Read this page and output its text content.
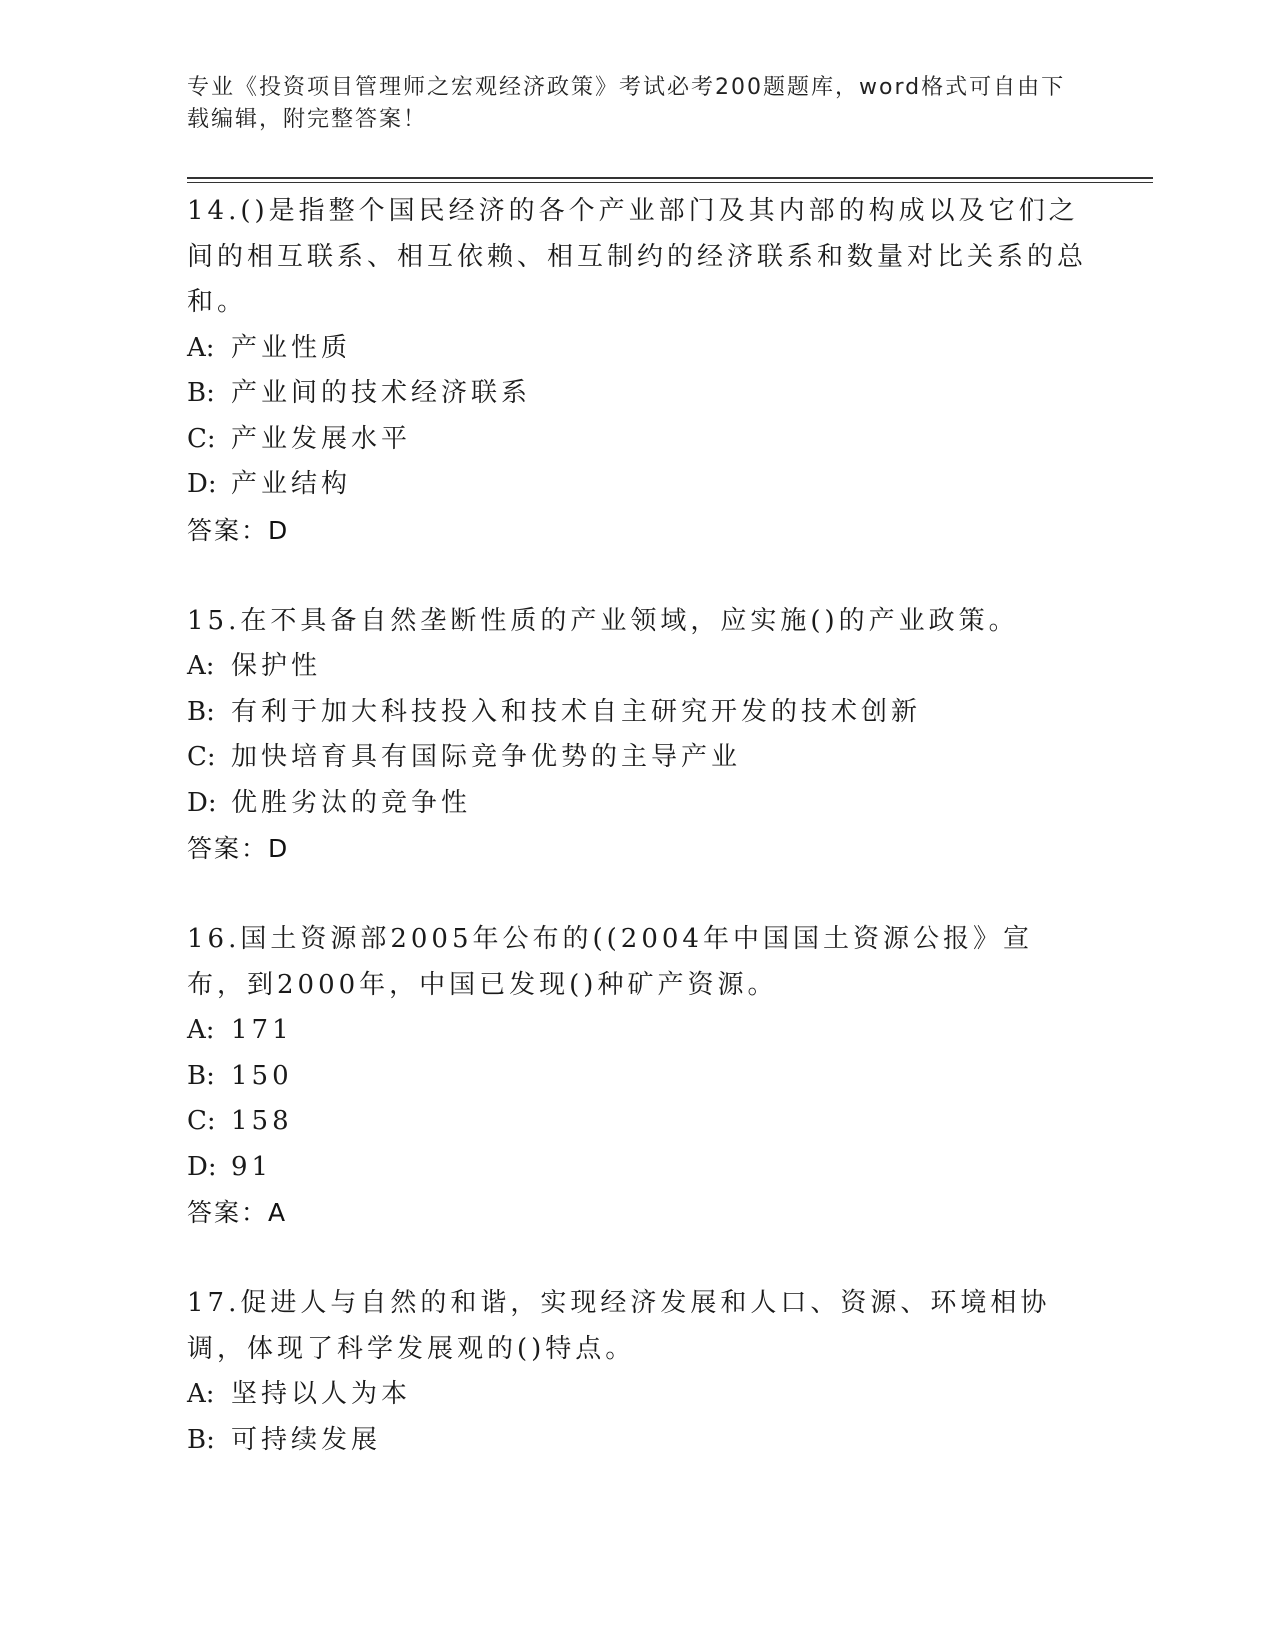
专业《投资项目管理师之宏观经济政策》考试必考200题题库，word格式可自由下载编辑，附完整答案！
14.()是指整个国民经济的各个产业部门及其内部的构成以及它们之间的相互联系、相互依赖、相互制约的经济联系和数量对比关系的总和。
A: 产业性质
B: 产业间的技术经济联系
C: 产业发展水平
D: 产业结构
答案：D
15.在不具备自然垄断性质的产业领域，应实施()的产业政策。
A: 保护性
B: 有利于加大科技投入和技术自主研究开发的技术创新
C: 加快培育具有国际竞争优势的主导产业
D: 优胜劣汰的竞争性
答案：D
16.国土资源部2005年公布的((2004年中国国土资源公报》宣布，到2000年，中国已发现()种矿产资源。
A: 171
B: 150
C: 158
D: 91
答案：A
17.促进人与自然的和谐，实现经济发展和人口、资源、环境相协调，体现了科学发展观的()特点。
A: 坚持以人为本
B: 可持续发展
